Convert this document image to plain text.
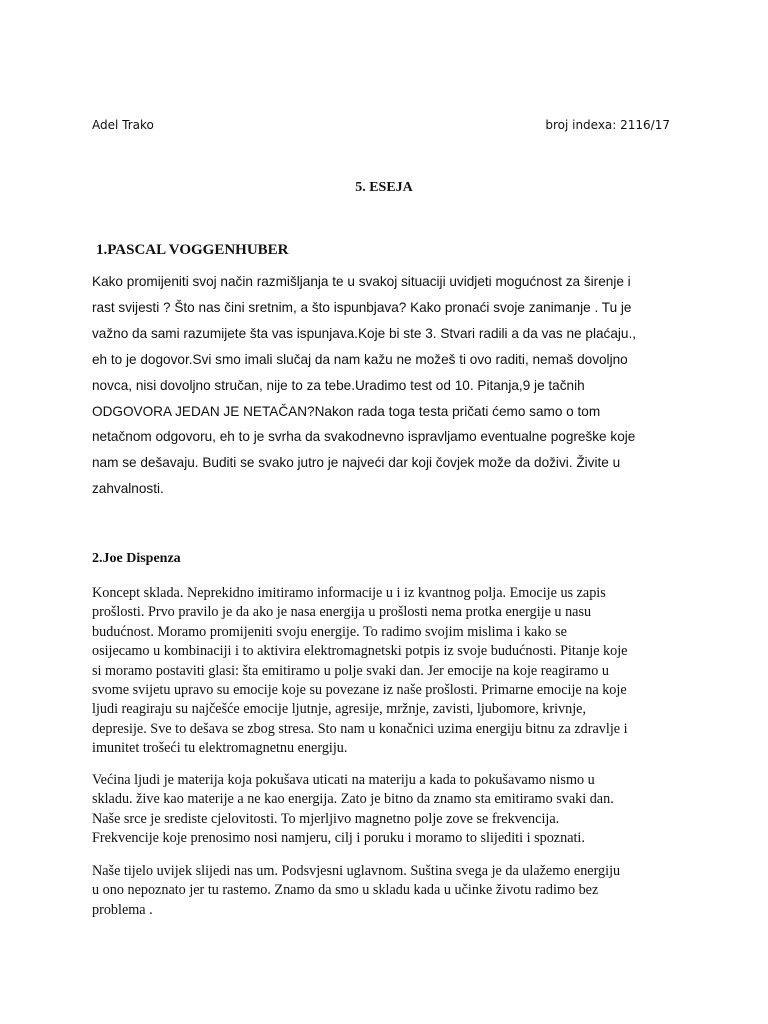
Adel Trako	broj indexa: 2116/17
5. ESEJA
1.PASCAL VOGGENHUBER

Kako promijeniti svoj način razmišljanja te u svakoj situaciji uvidjeti mogućnost za širenje i
rast svijesti ? Što nas čini sretnim, a što ispunbjava? Kako pronaći svoje zanimanje . Tu je
važno da sami razumijete šta vas ispunjava.Koje bi ste 3. Stvari radili a da vas ne plaćaju.,
eh to je dogovor.Svi smo imali slučaj da nam kažu ne možeš ti ovo raditi, nemaš dovoljno
novca, nisi dovoljno stručan, nije to za tebe.Uradimo test od 10. Pitanja,9 je tačnih
ODGOVORA JEDAN JE NETAČAN?Nakon rada toga testa pričati ćemo samo o tom
netačnom odgovoru, eh to je svrha da svakodnevno ispravljamo eventualne pogreške koje
nam se dešavaju. Buditi se svako jutro je najveći dar koji čovjek može da doživi. Živite u
zahvalnosti.

2.Joe Dispenza

Koncept sklada. Neprekidno imitiramo informacije u i iz kvantnog polja. Emocije us zapis
prošlosti. Prvo pravilo je da ako je nasa energija u prošlosti nema protka energije u nasu
budućnost. Moramo promijeniti svoju energije. To radimo svojim mislima i kako se
osijecamo u kombinaciji i to aktivira elektromagnetski potpis iz svoje budućnosti. Pitanje koje
si moramo postaviti glasi: šta emitiramo u polje svaki dan. Jer emocije na koje reagiramo u
svome svijetu upravo su emocije koje su povezane iz naše prošlosti. Primarne emocije na koje
ljudi reagiraju su najčešće emocije ljutnje, agresije, mržnje, zavisti, ljubomore, krivnje,
depresije. Sve to dešava se zbog stresa. Sto nam u konačnici uzima energiju bitnu za zdravlje i
imunitet trošeći tu elektromagnetnu energiju.

Većina ljudi je materija koja pokušava uticati na materiju a kada to pokušavamo nismo u
skladu. žive kao materije a ne kao energija. Zato je bitno da znamo sta emitiramo svaki dan.
Naše srce je srediste cjelovitosti. To mjerljivo magnetno polje zove se frekvencija.
Frekvencije koje prenosimo nosi namjeru, cilj i poruku i moramo to slijediti i spoznati.

Naše tijelo uvijek slijedi nas um. Podsvjesni uglavnom. Suština svega je da ulažemo energiju
u ono nepoznato jer tu rastemo. Znamo da smo u skladu kada u učinke životu radimo bez
problema .
